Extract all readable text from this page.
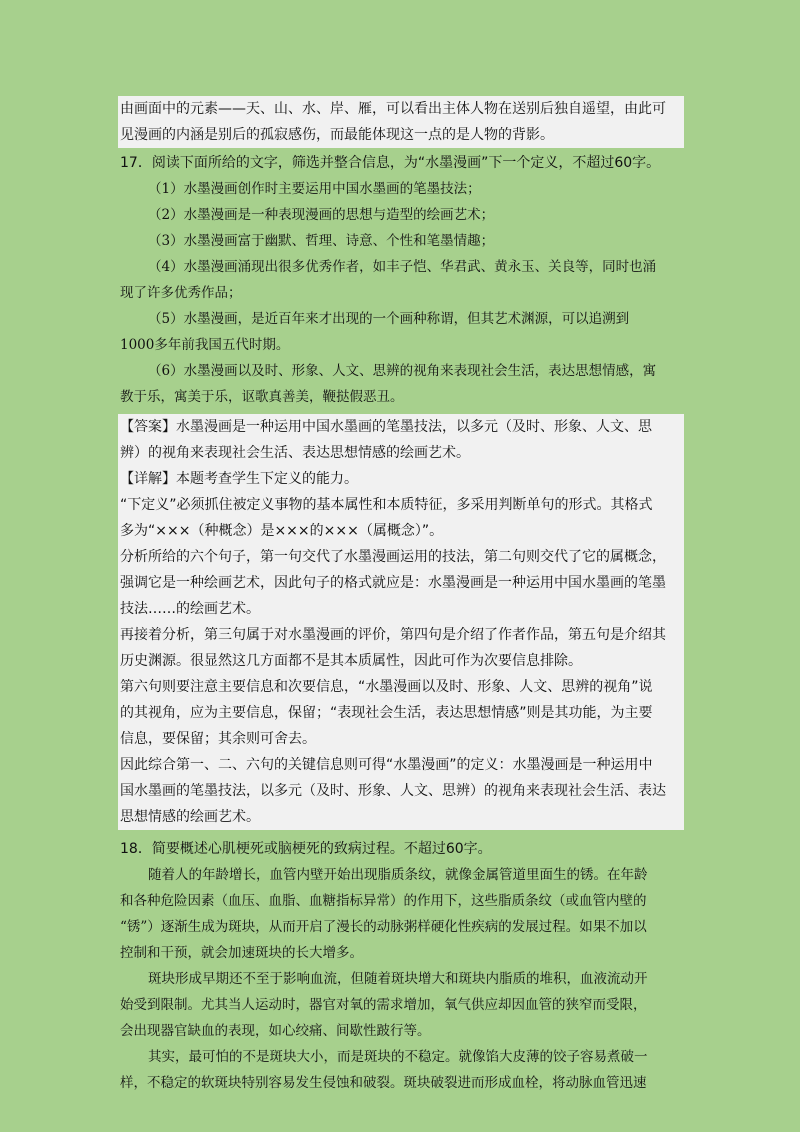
由画面中的元素——天、山、水、岸、雁，可以看出主体人物在送别后独自遥望，由此可
见漫画的内涵是别后的孤寂感伤，而最能体现这一点的是人物的背影。
17．阅读下面所给的文字，筛选并整合信息，为“水墨漫画”下一个定义，不超过60字。
（1）水墨漫画创作时主要运用中国水墨画的笔墨技法；
（2）水墨漫画是一种表现漫画的思想与造型的绘画艺术；
（3）水墨漫画富于幽默、哲理、诗意、个性和笔墨情趣；
（4）水墨漫画涌现出很多优秀作者，如丰子恺、华君武、黄永玉、关良等，同时也涌
现了许多优秀作品；
（5）水墨漫画，是近百年来才出现的一个画种称谓，但其艺术渊源，可以追溯到
1000多年前我国五代时期。
（6）水墨漫画以及时、形象、人文、思辨的视角来表现社会生活，表达思想情感，寓
教于乐，寓美于乐，讴歌真善美，鞭挞假恶丑。
【答案】水墨漫画是一种运用中国水墨画的笔墨技法，以多元（及时、形象、人文、思
辨）的视角来表现社会生活、表达思想情感的绘画艺术。
【详解】本题考查学生下定义的能力。
“下定义”必须抓住被定义事物的基本属性和本质特征，多采用判断单句的形式。其格式
多为“×××（种概念）是×××的×××（属概念）”。
分析所给的六个句子，第一句交代了水墨漫画运用的技法，第二句则交代了它的属概念，
强调它是一种绘画艺术，因此句子的格式就应是：水墨漫画是一种运用中国水墨画的笔墨
技法……的绘画艺术。
再接着分析，第三句属于对水墨漫画的评价，第四句是介绍了作者作品，第五句是介绍其
历史渊源。很显然这几方面都不是其本质属性，因此可作为次要信息排除。
第六句则要注意主要信息和次要信息，“水墨漫画以及时、形象、人文、思辨的视角”说
的其视角，应为主要信息，保留；“表现社会生活，表达思想情感”则是其功能，为主要
信息，要保留；其余则可舍去。
因此综合第一、二、六句的关键信息则可得“水墨漫画”的定义：水墨漫画是一种运用中
国水墨画的笔墨技法，以多元（及时、形象、人文、思辨）的视角来表现社会生活、表达
思想情感的绘画艺术。
18．简要概述心肌梗死或脑梗死的致病过程。不超过60字。
随着人的年龄增长，血管内壁开始出现脂质条纹，就像金属管道里面生的锈。在年龄
和各种危险因素（血压、血脂、血糖指标异常）的作用下，这些脂质条纹（或血管内壁的
“锈”）逐渐生成为斑块，从而开启了漫长的动脉粥样硬化性疾病的发展过程。如果不加以
控制和干预，就会加速斑块的长大增多。
斑块形成早期还不至于影响血流，但随着斑块增大和斑块内脂质的堆积，血液流动开
始受到限制。尤其当人运动时，器官对氧的需求增加，氧气供应却因血管的狭窄而受限，
会出现器官缺血的表现，如心绞痛、间歇性跛行等。
其实，最可怕的不是斑块大小，而是斑块的不稳定。就像馅大皮薄的饺子容易煮破一
样，不稳定的软斑块特别容易发生侵蚀和破裂。斑块破裂进而形成血栓，将动脉血管迅速
